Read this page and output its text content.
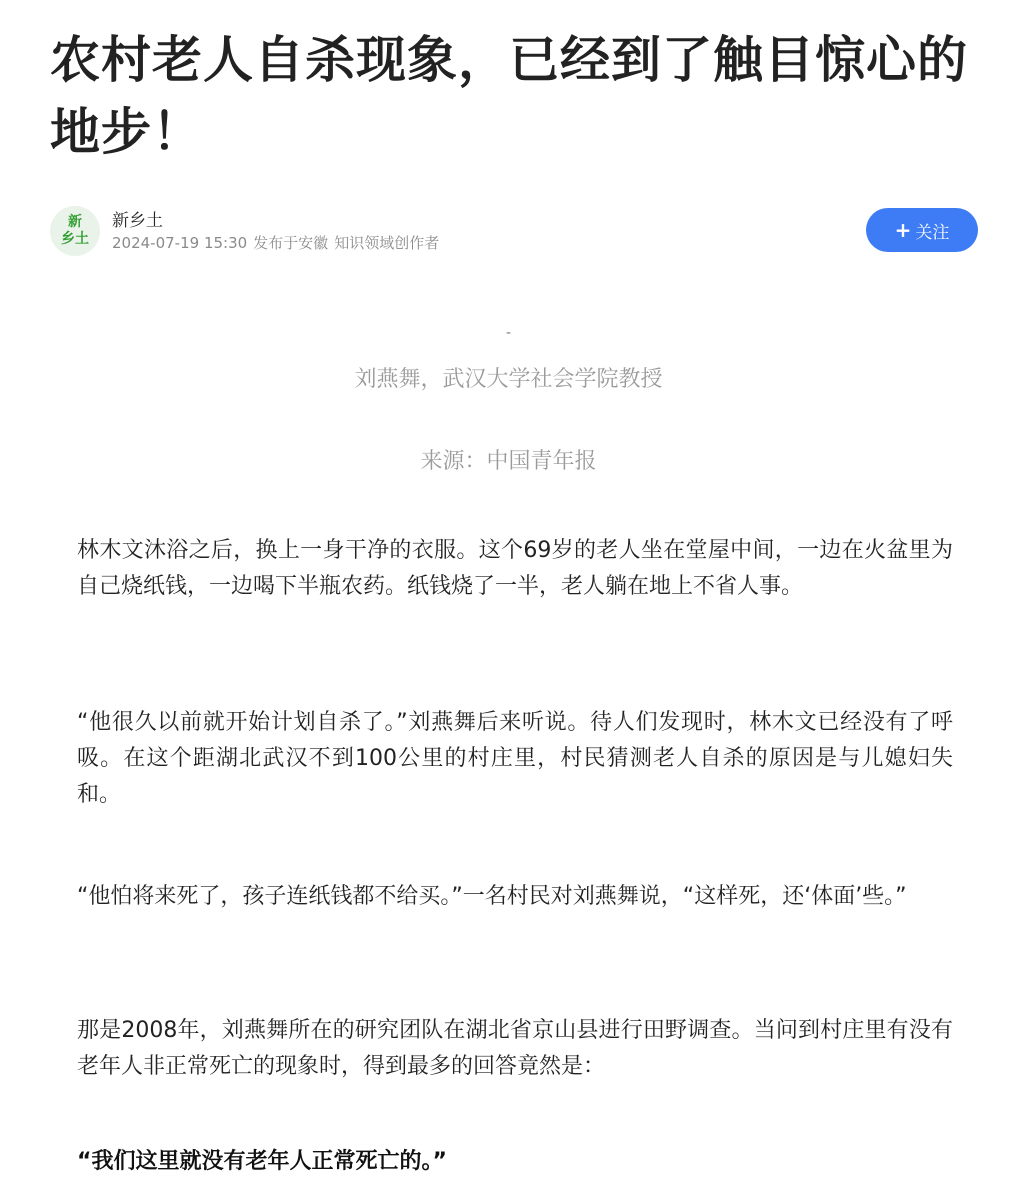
农村老人自杀现象，已经到了触目惊心的地步！
新
乡土
新乡土
2024-07-19 15:30 发布于安徽 知识领域创作者
+ 关注
-
刘燕舞，武汉大学社会学院教授
来源：中国青年报

林木文沐浴之后，换上一身干净的衣服。这个69岁的老人坐在堂屋中间，一边在火盆里为自己烧纸钱，一边喝下半瓶农药。纸钱烧了一半，老人躺在地上不省人事。

“他很久以前就开始计划自杀了。”刘燕舞后来听说。待人们发现时，林木文已经没有了呼吸。在这个距湖北武汉不到100公里的村庄里，村民猜测老人自杀的原因是与儿媳妇失和。

“他怕将来死了，孩子连纸钱都不给买。”一名村民对刘燕舞说，“这样死，还‘体面’些。”

那是2008年，刘燕舞所在的研究团队在湖北省京山县进行田野调查。当问到村庄里有没有老年人非正常死亡的现象时，得到最多的回答竟然是：

“我们这里就没有老年人正常死亡的。”
